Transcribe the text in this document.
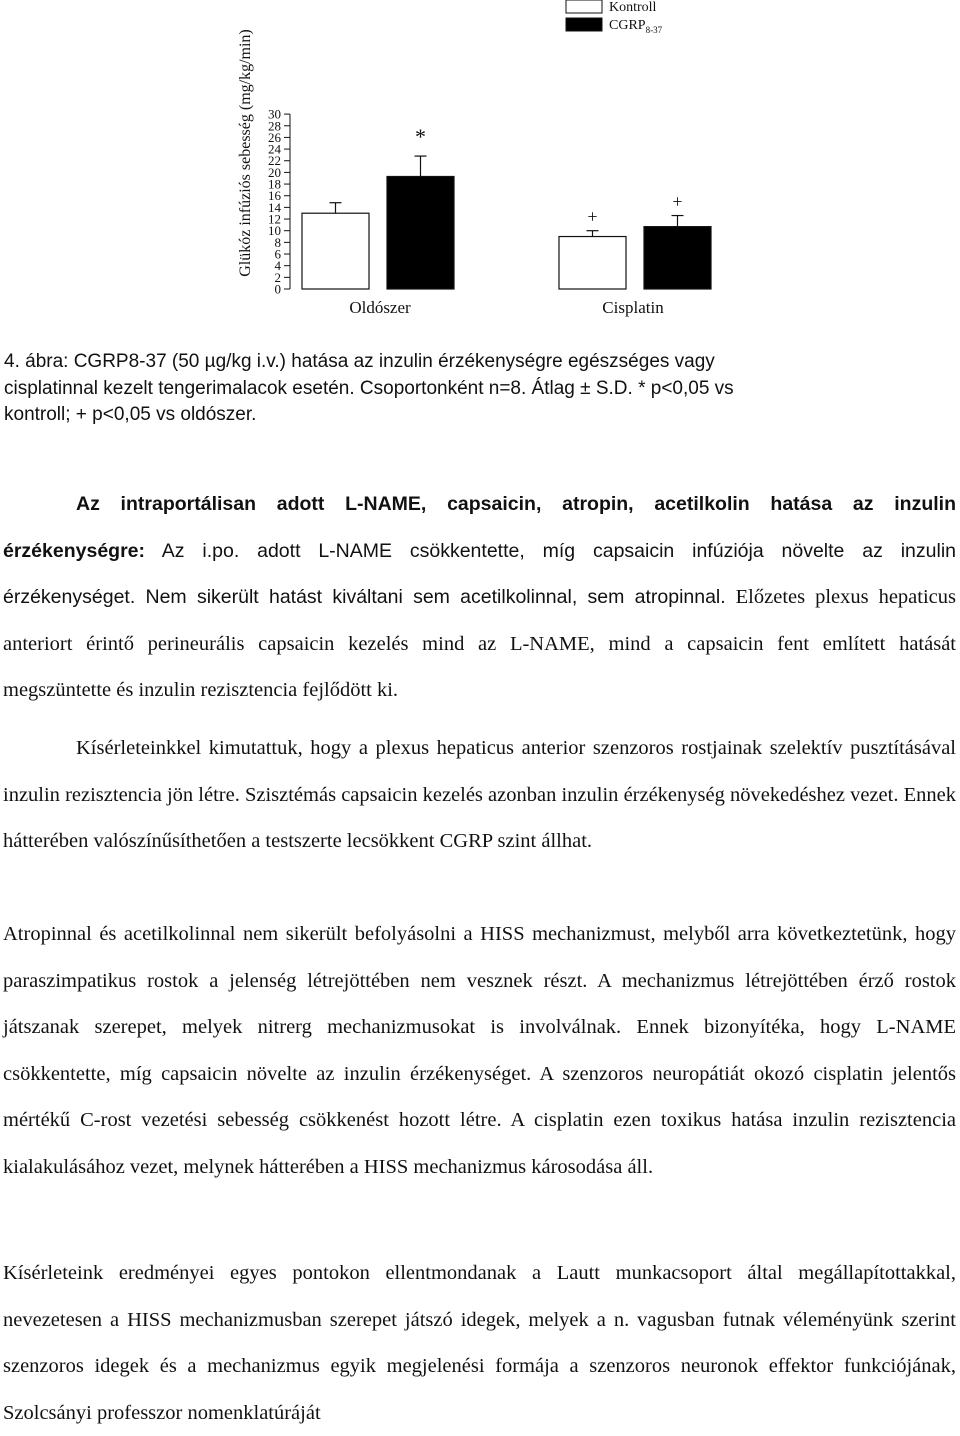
0
2
4
6
8
10
12
14
16
18
20
22
24
26
28
30
+
*
+
Kontroll
$CGRP_{8-37}$
Glükóz infúziós sebesség (mg/kg/min)
Oldószer	Cisplatin

4. ábra: CGRP8-37 (50 µg/kg i.v.) hatása az inzulin érzékenységre egészséges vagy

cisplatinnal kezelt tengerimalacok esetén. Csoportonként n=8. Átlag ± S.D. * p<0,05 vs

kontroll; + p<0,05 vs oldószer.

Az intraportálisan adott L-NAME, capsaicin, atropin, acetilkolin hatása az inzulin érzékenységre: Az i.po. adott L-NAME csökkentette, míg capsaicin infúziója növelte az inzulin érzékenységet. Nem sikerült hatást kiváltani sem acetilkolinnal, sem atropinnal. Előzetes plexus hepaticus anteriort érintő perineurális capsaicin kezelés mind az L-NAME, mind a capsaicin fent említett hatását megszüntette és inzulin rezisztencia fejlődött ki.

Kísérleteinkkel kimutattuk, hogy a plexus hepaticus anterior szenzoros rostjainak szelektív pusztításával inzulin rezisztencia jön létre. Szisztémás capsaicin kezelés azonban inzulin érzékenység növekedéshez vezet. Ennek hátterében valószínűsíthetően a testszerte lecsökkent CGRP szint állhat.

Atropinnal és acetilkolinnal nem sikerült befolyásolni a HISS mechanizmust, melyből arra következtetünk, hogy paraszimpatikus rostok a jelenség létrejöttében nem vesznek részt. A mechanizmus létrejöttében érző rostok játszanak szerepet, melyek nitrerg mechanizmusokat is involválnak. Ennek bizonyítéka, hogy L-NAME csökkentette, míg capsaicin növelte az inzulin érzékenységet. A szenzoros neuropátiát okozó cisplatin jelentős mértékű C-rost vezetési sebesség csökkenést hozott létre. A cisplatin ezen toxikus hatása inzulin rezisztencia kialakulásához vezet, melynek hátterében a HISS mechanizmus károsodása áll.

Kísérleteink eredményei egyes pontokon ellentmondanak a Lautt munkacsoport által megállapítottakkal, nevezetesen a HISS mechanizmusban szerepet játszó idegek, melyek a n. vagusban futnak véleményünk szerint szenzoros idegek és a mechanizmus egyik megjelenési formája a szenzoros neuronok effektor funkciójának, Szolcsányi professzor nomenklatúráját
